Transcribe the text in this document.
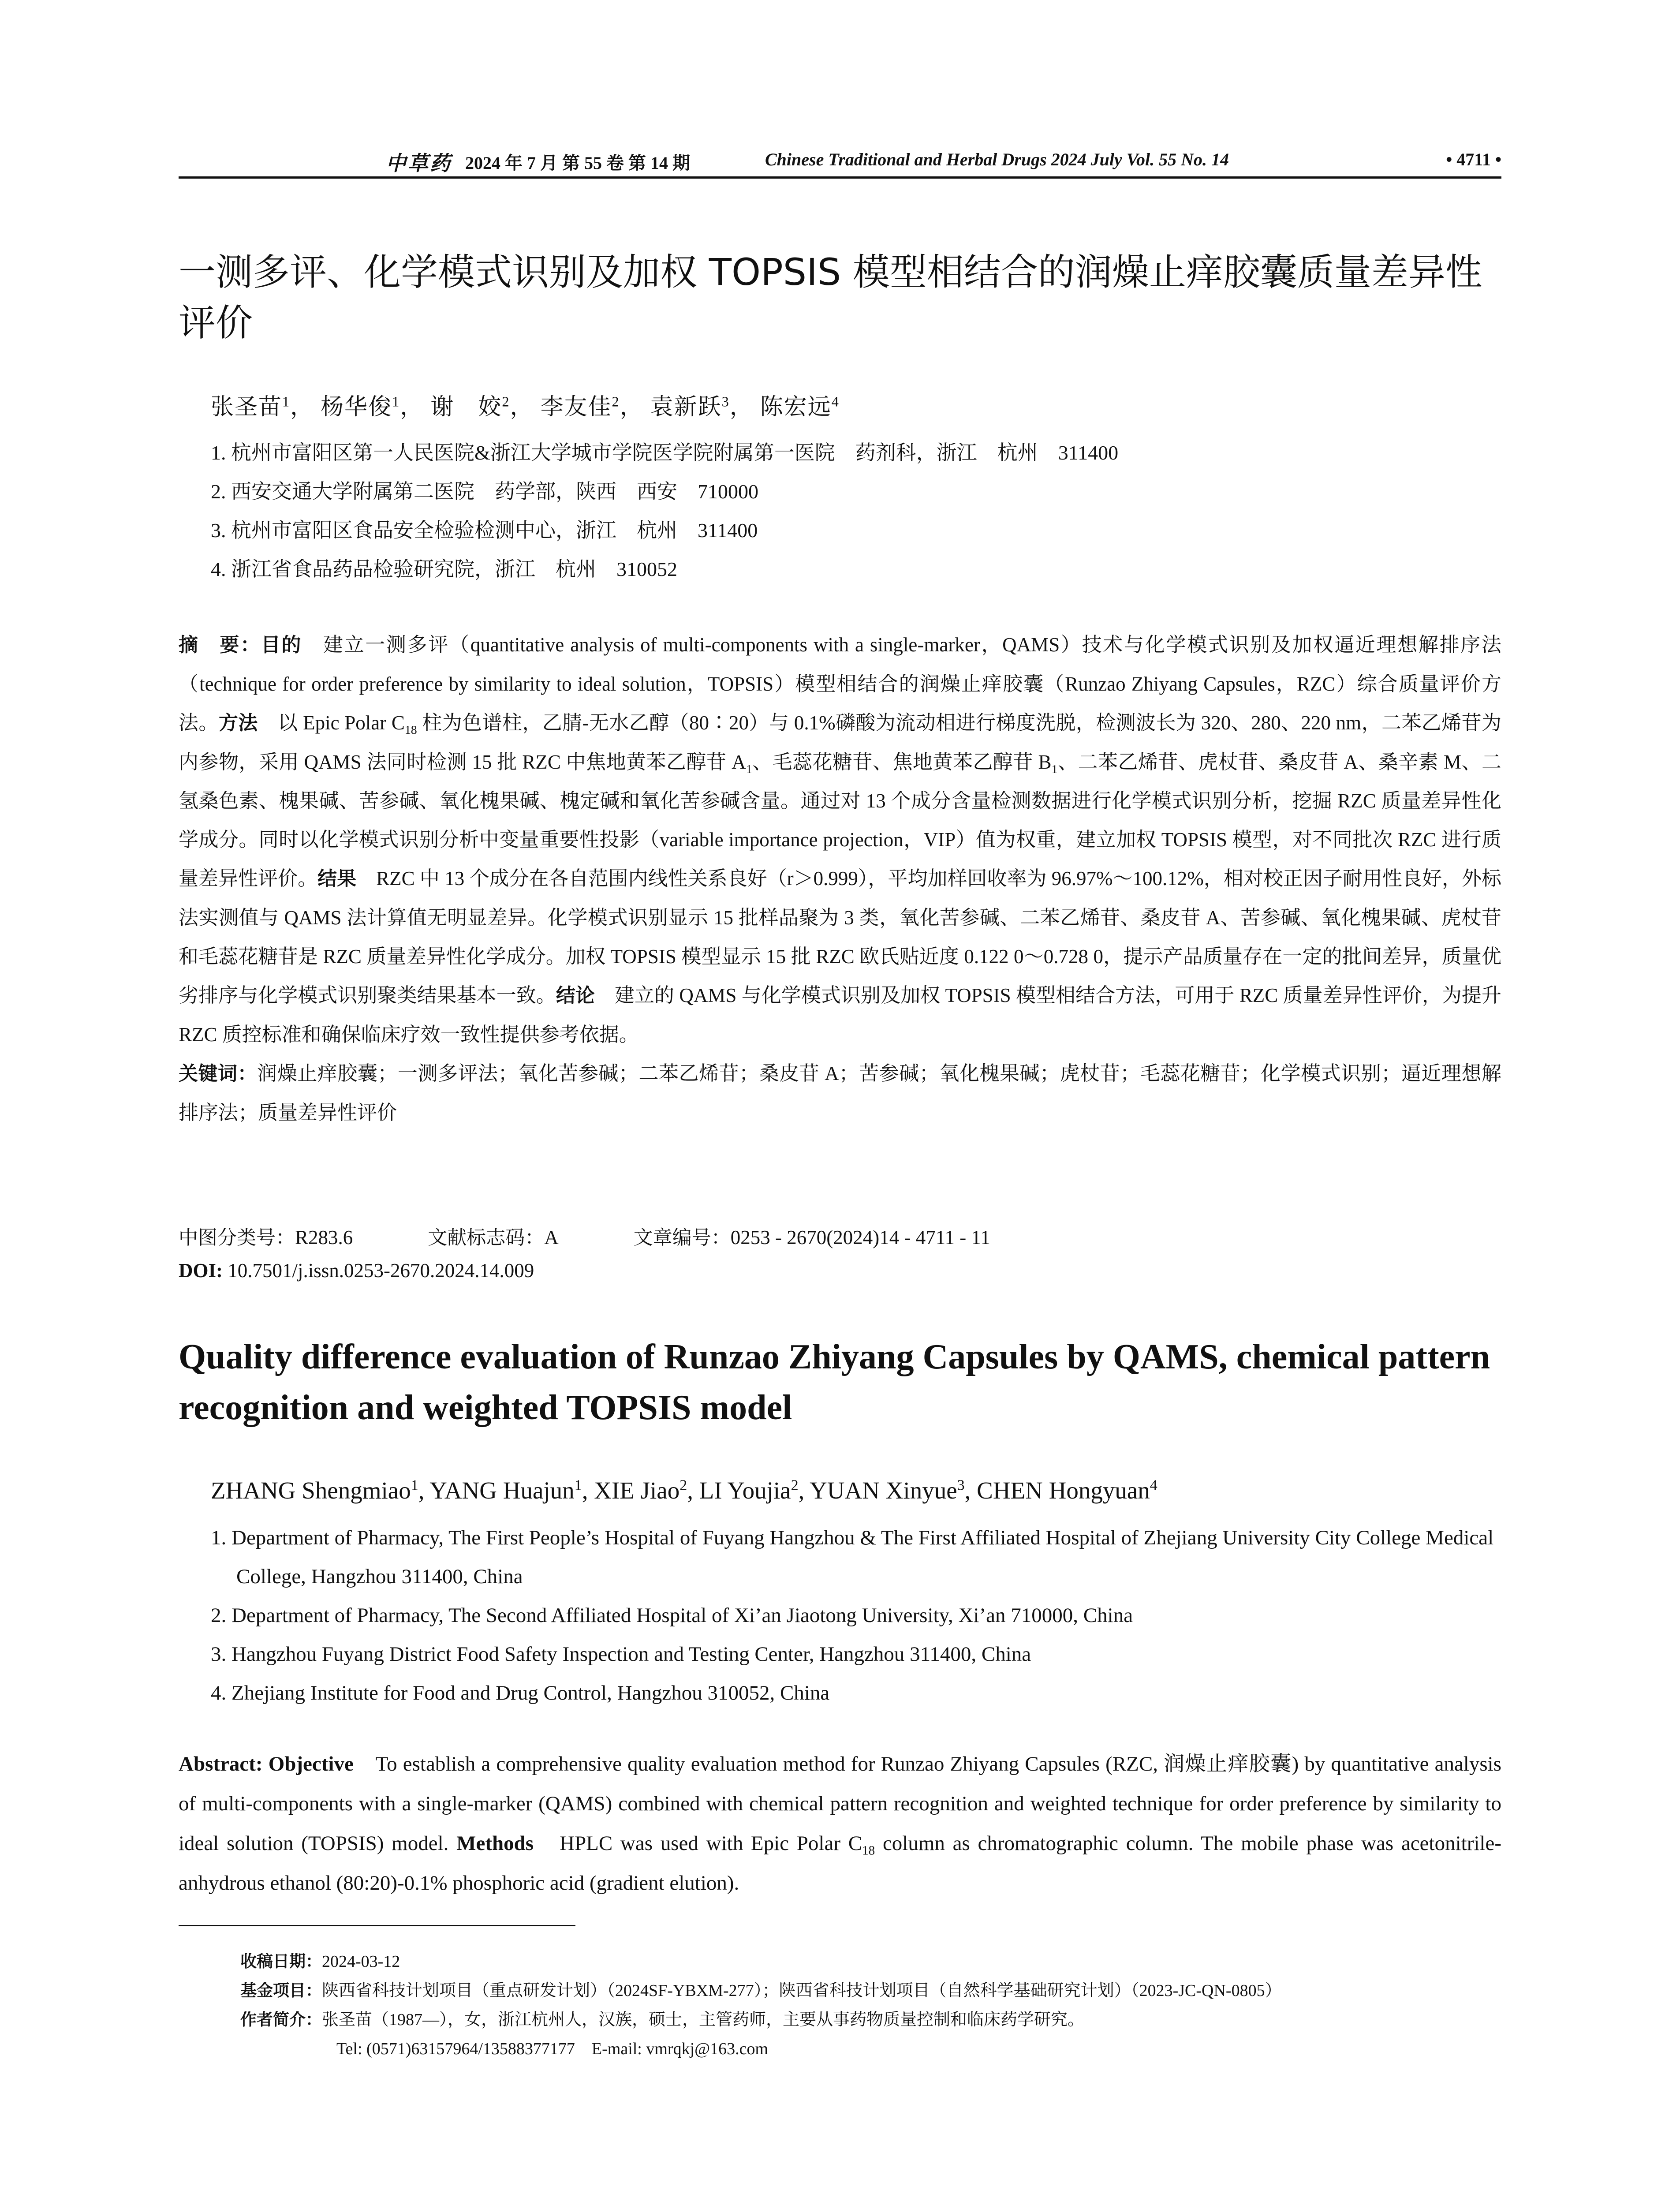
中草药 2024 年 7 月 第 55 卷 第 14 期	Chinese Traditional and Herbal Drugs 2024 July Vol. 55 No. 14	• 4711 •
一测多评、化学模式识别及加权 TOPSIS 模型相结合的润燥止痒胶囊质量差异性评价
张圣苗$^1$， 杨华俊$^1$， 谢　姣$^2$， 李友佳$^2$， 袁新跃$^3$， 陈宏远$^4$
1. 杭州市富阳区第一人民医院&浙江大学城市学院医学院附属第一医院　药剂科，浙江　杭州　311400
2. 西安交通大学附属第二医院　药学部，陕西　西安　710000
3. 杭州市富阳区食品安全检验检测中心，浙江　杭州　311400
4. 浙江省食品药品检验研究院，浙江　杭州　310052
摘　要：目的　 建立一测多评（quantitative analysis of multi-components with a single-marker，QAMS）技术与化学模式识别及加权逼近理想解排序法（technique for order preference by similarity to ideal solution，TOPSIS）模型相结合的润燥止痒胶囊（Runzao Zhiyang Capsules，RZC）综合质量评价方法。方法　 以 Epic Polar $C_{18}$ 柱为色谱柱，乙腈-无水乙醇（80∶20）与 0.1%磷酸为流动相进行梯度洗脱，检测波长为 320、280、220 nm，二苯乙烯苷为内参物，采用 QAMS 法同时检测 15 批 RZC 中焦地黄苯乙醇苷 $A_1$、毛蕊花糖苷、焦地黄苯乙醇苷 $B_1$、二苯乙烯苷、虎杖苷、桑皮苷 A、桑辛素 M、二氢桑色素、槐果碱、苦参碱、氧化槐果碱、槐定碱和氧化苦参碱含量。通过对 13 个成分含量检测数据进行化学模式识别分析，挖掘 RZC 质量差异性化学成分。同时以化学模式识别分析中变量重要性投影（variable importance projection，VIP）值为权重，建立加权 TOPSIS 模型，对不同批次 RZC 进行质量差异性评价。结果　 RZC 中 13 个成分在各自范围内线性关系良好（r＞0.999），平均加样回收率为 96.97%～100.12%，相对校正因子耐用性良好，外标法实测值与 QAMS 法计算值无明显差异。化学模式识别显示 15 批样品聚为 3 类，氧化苦参碱、二苯乙烯苷、桑皮苷 A、苦参碱、氧化槐果碱、虎杖苷和毛蕊花糖苷是 RZC 质量差异性化学成分。加权 TOPSIS 模型显示 15 批 RZC 欧氏贴近度 0.122 0～0.728 0，提示产品质量存在一定的批间差异，质量优劣排序与化学模式识别聚类结果基本一致。结论　 建立的 QAMS 与化学模式识别及加权 TOPSIS 模型相结合方法，可用于 RZC 质量差异性评价，为提升 RZC 质控标准和确保临床疗效一致性提供参考依据。
关键词：润燥止痒胶囊；一测多评法；氧化苦参碱；二苯乙烯苷；桑皮苷 A；苦参碱；氧化槐果碱；虎杖苷；毛蕊花糖苷；化学模式识别；逼近理想解排序法；质量差异性评价
中图分类号：R283.6	文献标志码：A	文章编号：0253 - 2670(2024)14 - 4711 - 11
DOI: 10.7501/j.issn.0253-2670.2024.14.009
Quality difference evaluation of Runzao Zhiyang Capsules by QAMS, chemical pattern recognition and weighted TOPSIS model
ZHANG Shengmiao$^1$, YANG Huajun$^1$, XIE Jiao$^2$, LI Youjia$^2$, YUAN Xinyue$^3$, CHEN Hongyuan$^4$
1. Department of Pharmacy, The First People’s Hospital of Fuyang Hangzhou & The First Affiliated Hospital of Zhejiang University City College Medical College, Hangzhou 311400, China
2. Department of Pharmacy, The Second Affiliated Hospital of Xi’an Jiaotong University, Xi’an 710000, China
3. Hangzhou Fuyang District Food Safety Inspection and Testing Center, Hangzhou 311400, China
4. Zhejiang Institute for Food and Drug Control, Hangzhou 310052, China
Abstract: Objective　 To establish a comprehensive quality evaluation method for Runzao Zhiyang Capsules (RZC, 润燥止痒胶囊) by quantitative analysis of multi-components with a single-marker (QAMS) combined with chemical pattern recognition and weighted technique for order preference by similarity to ideal solution (TOPSIS) model. Methods　 HPLC was used with Epic Polar $C_{18}$ column as chromatographic column. The mobile phase was acetonitrile-anhydrous ethanol (80:20)-0.1% phosphoric acid (gradient elution).
收稿日期：2024-03-12
基金项目：陕西省科技计划项目（重点研发计划）（2024SF-YBXM-277）；陕西省科技计划项目（自然科学基础研究计划）（2023-JC-QN-0805）
作者简介：张圣苗（1987—），女，浙江杭州人，汉族，硕士，主管药师，主要从事药物质量控制和临床药学研究。
Tel: (0571)63157964/13588377177　E-mail: vmrqkj@163.com
